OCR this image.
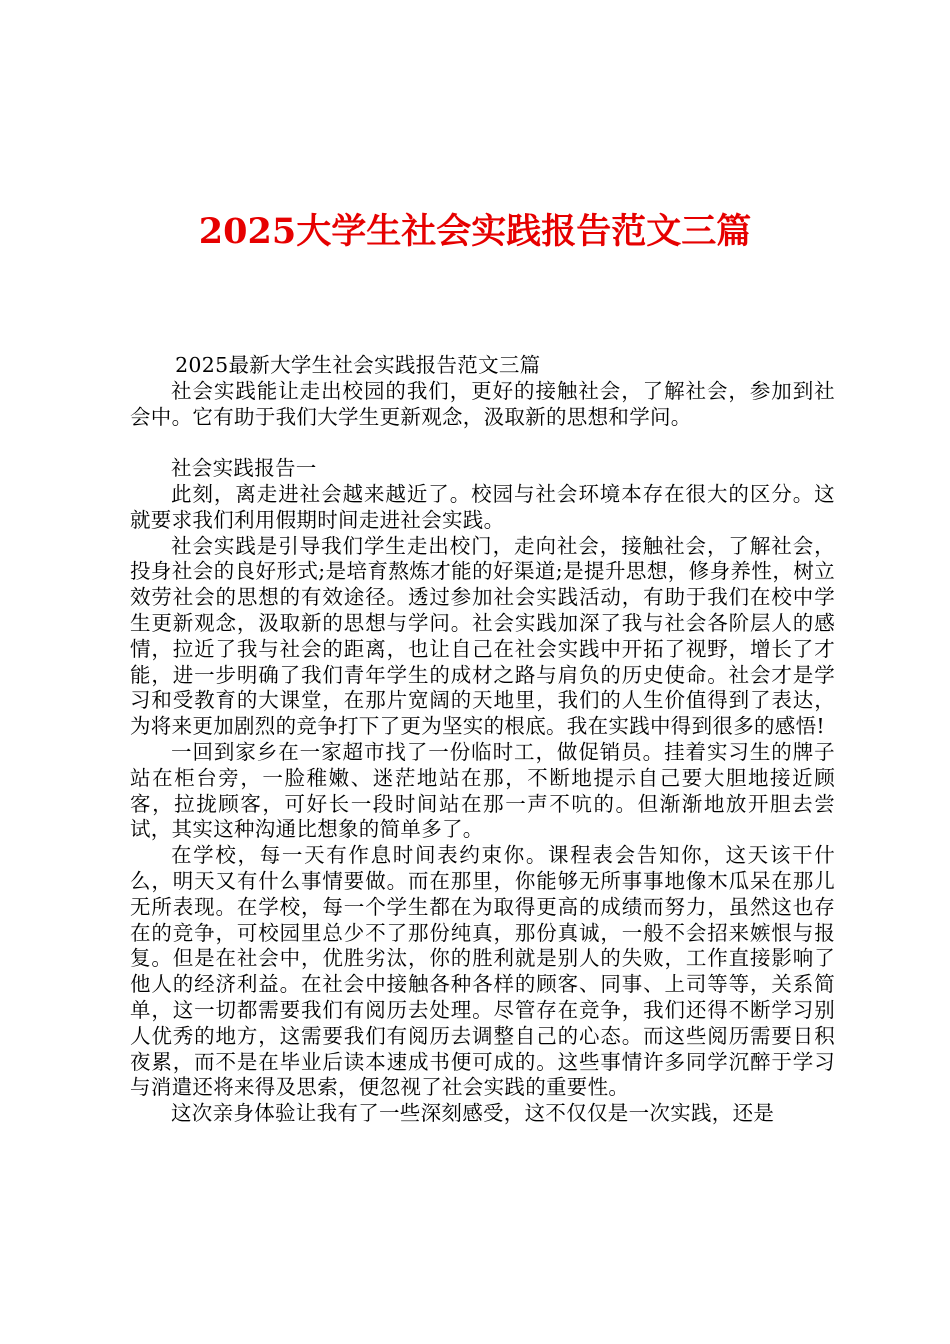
2025大学生社会实践报告范文三篇

2025最新大学生社会实践报告范文三篇

社会实践能让走出校园的我们，更好的接触社会，了解社会，参加到社会中。它有助于我们大学生更新观念，汲取新的思想和学问。

社会实践报告一

此刻，离走进社会越来越近了。校园与社会环境本存在很大的区分。这就要求我们利用假期时间走进社会实践。

社会实践是引导我们学生走出校门，走向社会，接触社会，了解社会，投身社会的良好形式;是培育熬炼才能的好渠道;是提升思想，修身养性，树立效劳社会的思想的有效途径。透过参加社会实践活动，有助于我们在校中学生更新观念，汲取新的思想与学问。社会实践加深了我与社会各阶层人的感情，拉近了我与社会的距离，也让自己在社会实践中开拓了视野，增长了才能，进一步明确了我们青年学生的成材之路与肩负的历史使命。社会才是学习和受教育的大课堂，在那片宽阔的天地里，我们的人生价值得到了表达，为将来更加剧烈的竞争打下了更为坚实的根底。我在实践中得到很多的感悟!

一回到家乡在一家超市找了一份临时工，做促销员。挂着实习生的牌子站在柜台旁，一脸稚嫩、迷茫地站在那，不断地提示自己要大胆地接近顾客，拉拢顾客，可好长一段时间站在那一声不吭的。但渐渐地放开胆去尝试，其实这种沟通比想象的简单多了。

在学校，每一天有作息时间表约束你。课程表会告知你，这天该干什么，明天又有什么事情要做。而在那里，你能够无所事事地像木瓜呆在那儿无所表现。在学校，每一个学生都在为取得更高的成绩而努力，虽然这也存在的竞争，可校园里总少不了那份纯真，那份真诚，一般不会招来嫉恨与报复。但是在社会中，优胜劣汰，你的胜利就是别人的失败，工作直接影响了他人的经济利益。在社会中接触各种各样的顾客、同事、上司等等，关系简单，这一切都需要我们有阅历去处理。尽管存在竞争，我们还得不断学习别人优秀的地方，这需要我们有阅历去调整自己的心态。而这些阅历需要日积夜累，而不是在毕业后读本速成书便可成的。这些事情许多同学沉醉于学习与消遣还将来得及思索，便忽视了社会实践的重要性。

这次亲身体验让我有了一些深刻感受，这不仅仅是一次实践，还是
